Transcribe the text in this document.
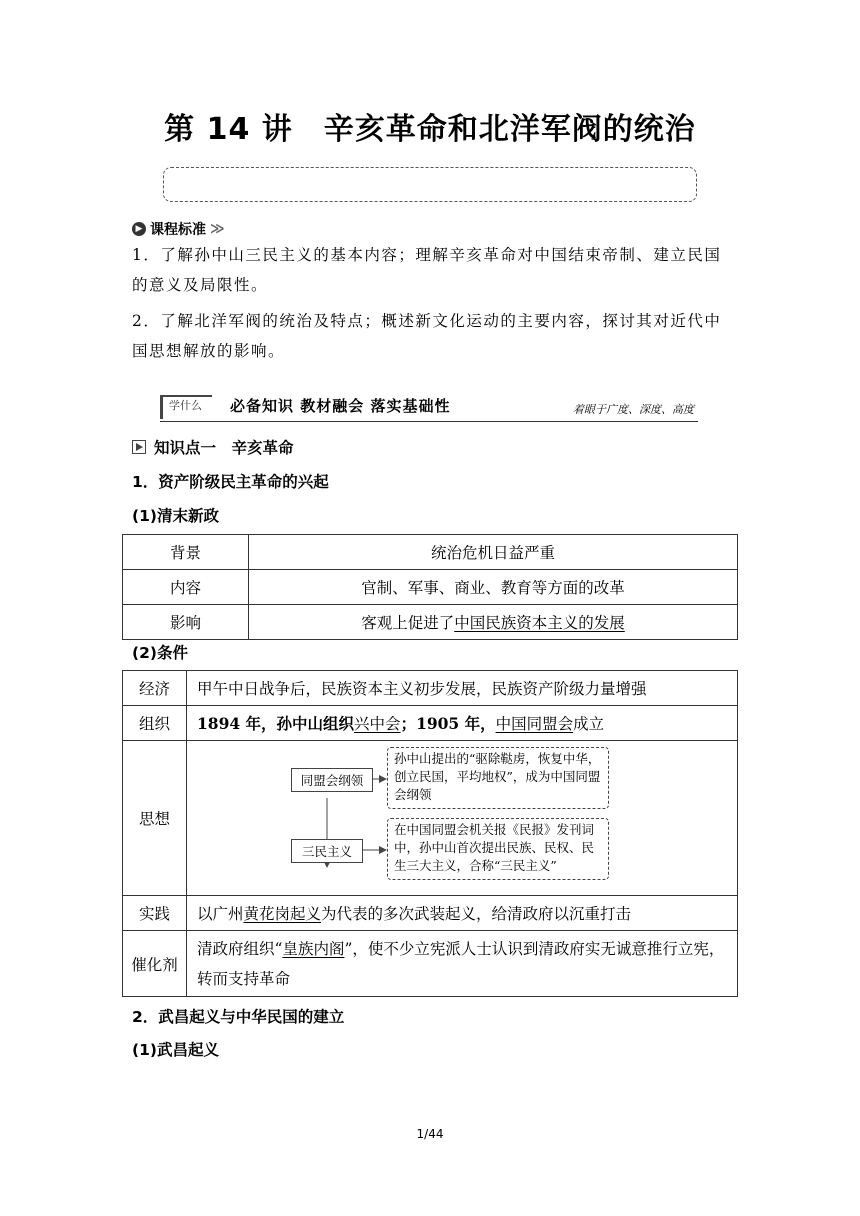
第 14 讲　辛亥革命和北洋军阀的统治
▶ 课程标准 ≫
1．了解孙中山三民主义的基本内容；理解辛亥革命对中国结束帝制、建立民国的意义及局限性。
2．了解北洋军阀的统治及特点；概述新文化运动的主要内容，探讨其对近代中国思想解放的影响。
学什么	必备知识 教材融会 落实基础性	着眼于广度、深度、高度
知识点一　辛亥革命
1．资产阶级民主革命的兴起
(1)清末新政
背景	统治危机日益严重
内容	官制、军事、商业、教育等方面的改革
影响	客观上促进了中国民族资本主义的发展
(2)条件
经济	甲午中日战争后，民族资本主义初步发展，民族资产阶级力量增强
组织	1894 年，孙中山组织兴中会；1905 年，中国同盟会成立
思想	同盟会纲领
三民主义
孙中山提出的“驱除鞑虏，恢复中华，创立民国，平均地权”，成为中国同盟会纲领
在中国同盟会机关报《民报》发刊词中，孙中山首次提出民族、民权、民生三大主义，合称“三民主义”

实践	以广州黄花岗起义为代表的多次武装起义，给清政府以沉重打击
催化剂	清政府组织“皇族内阁”，使不少立宪派人士认识到清政府实无诚意推行立宪，转而支持革命
2．武昌起义与中华民国的建立
(1)武昌起义
1/44
